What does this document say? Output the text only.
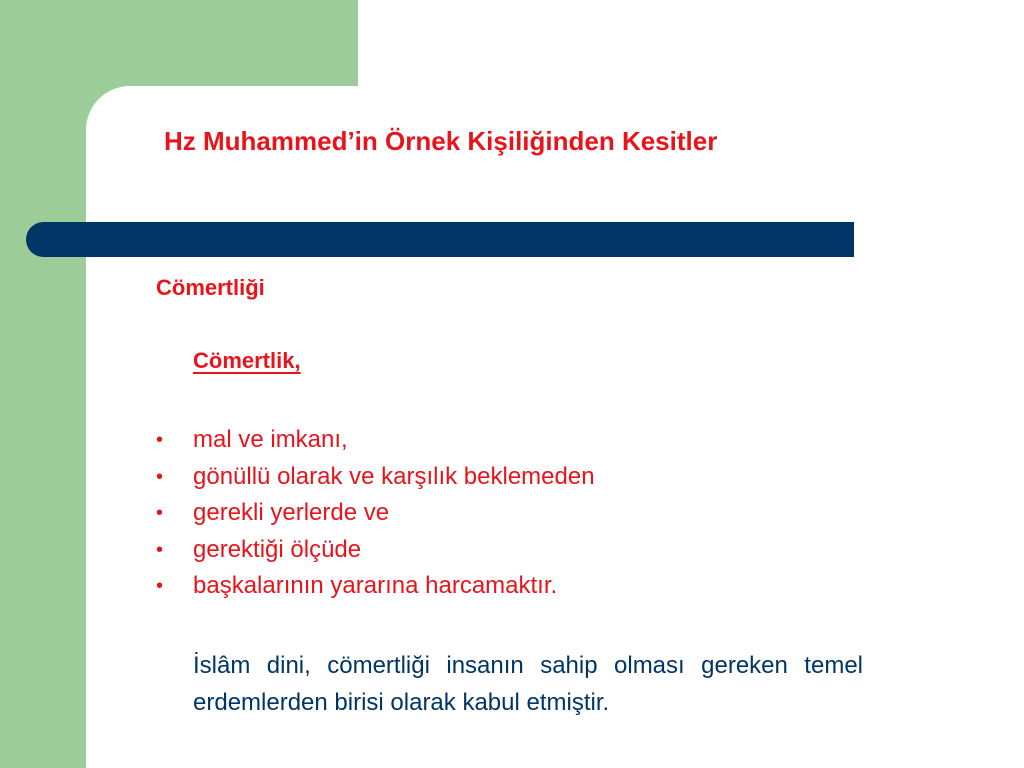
Hz Muhammed’in Örnek Kişiliğinden Kesitler
Cömertliği
Cömertlik,
•	mal ve imkanı,
•	gönüllü olarak ve karşılık beklemeden
•	gerekli yerlerde ve
•	gerektiği ölçüde
•	başkalarının yararına harcamaktır.

İslâm dini, cömertliği insanın sahip olması gereken temel erdemlerden birisi olarak kabul etmiştir.
